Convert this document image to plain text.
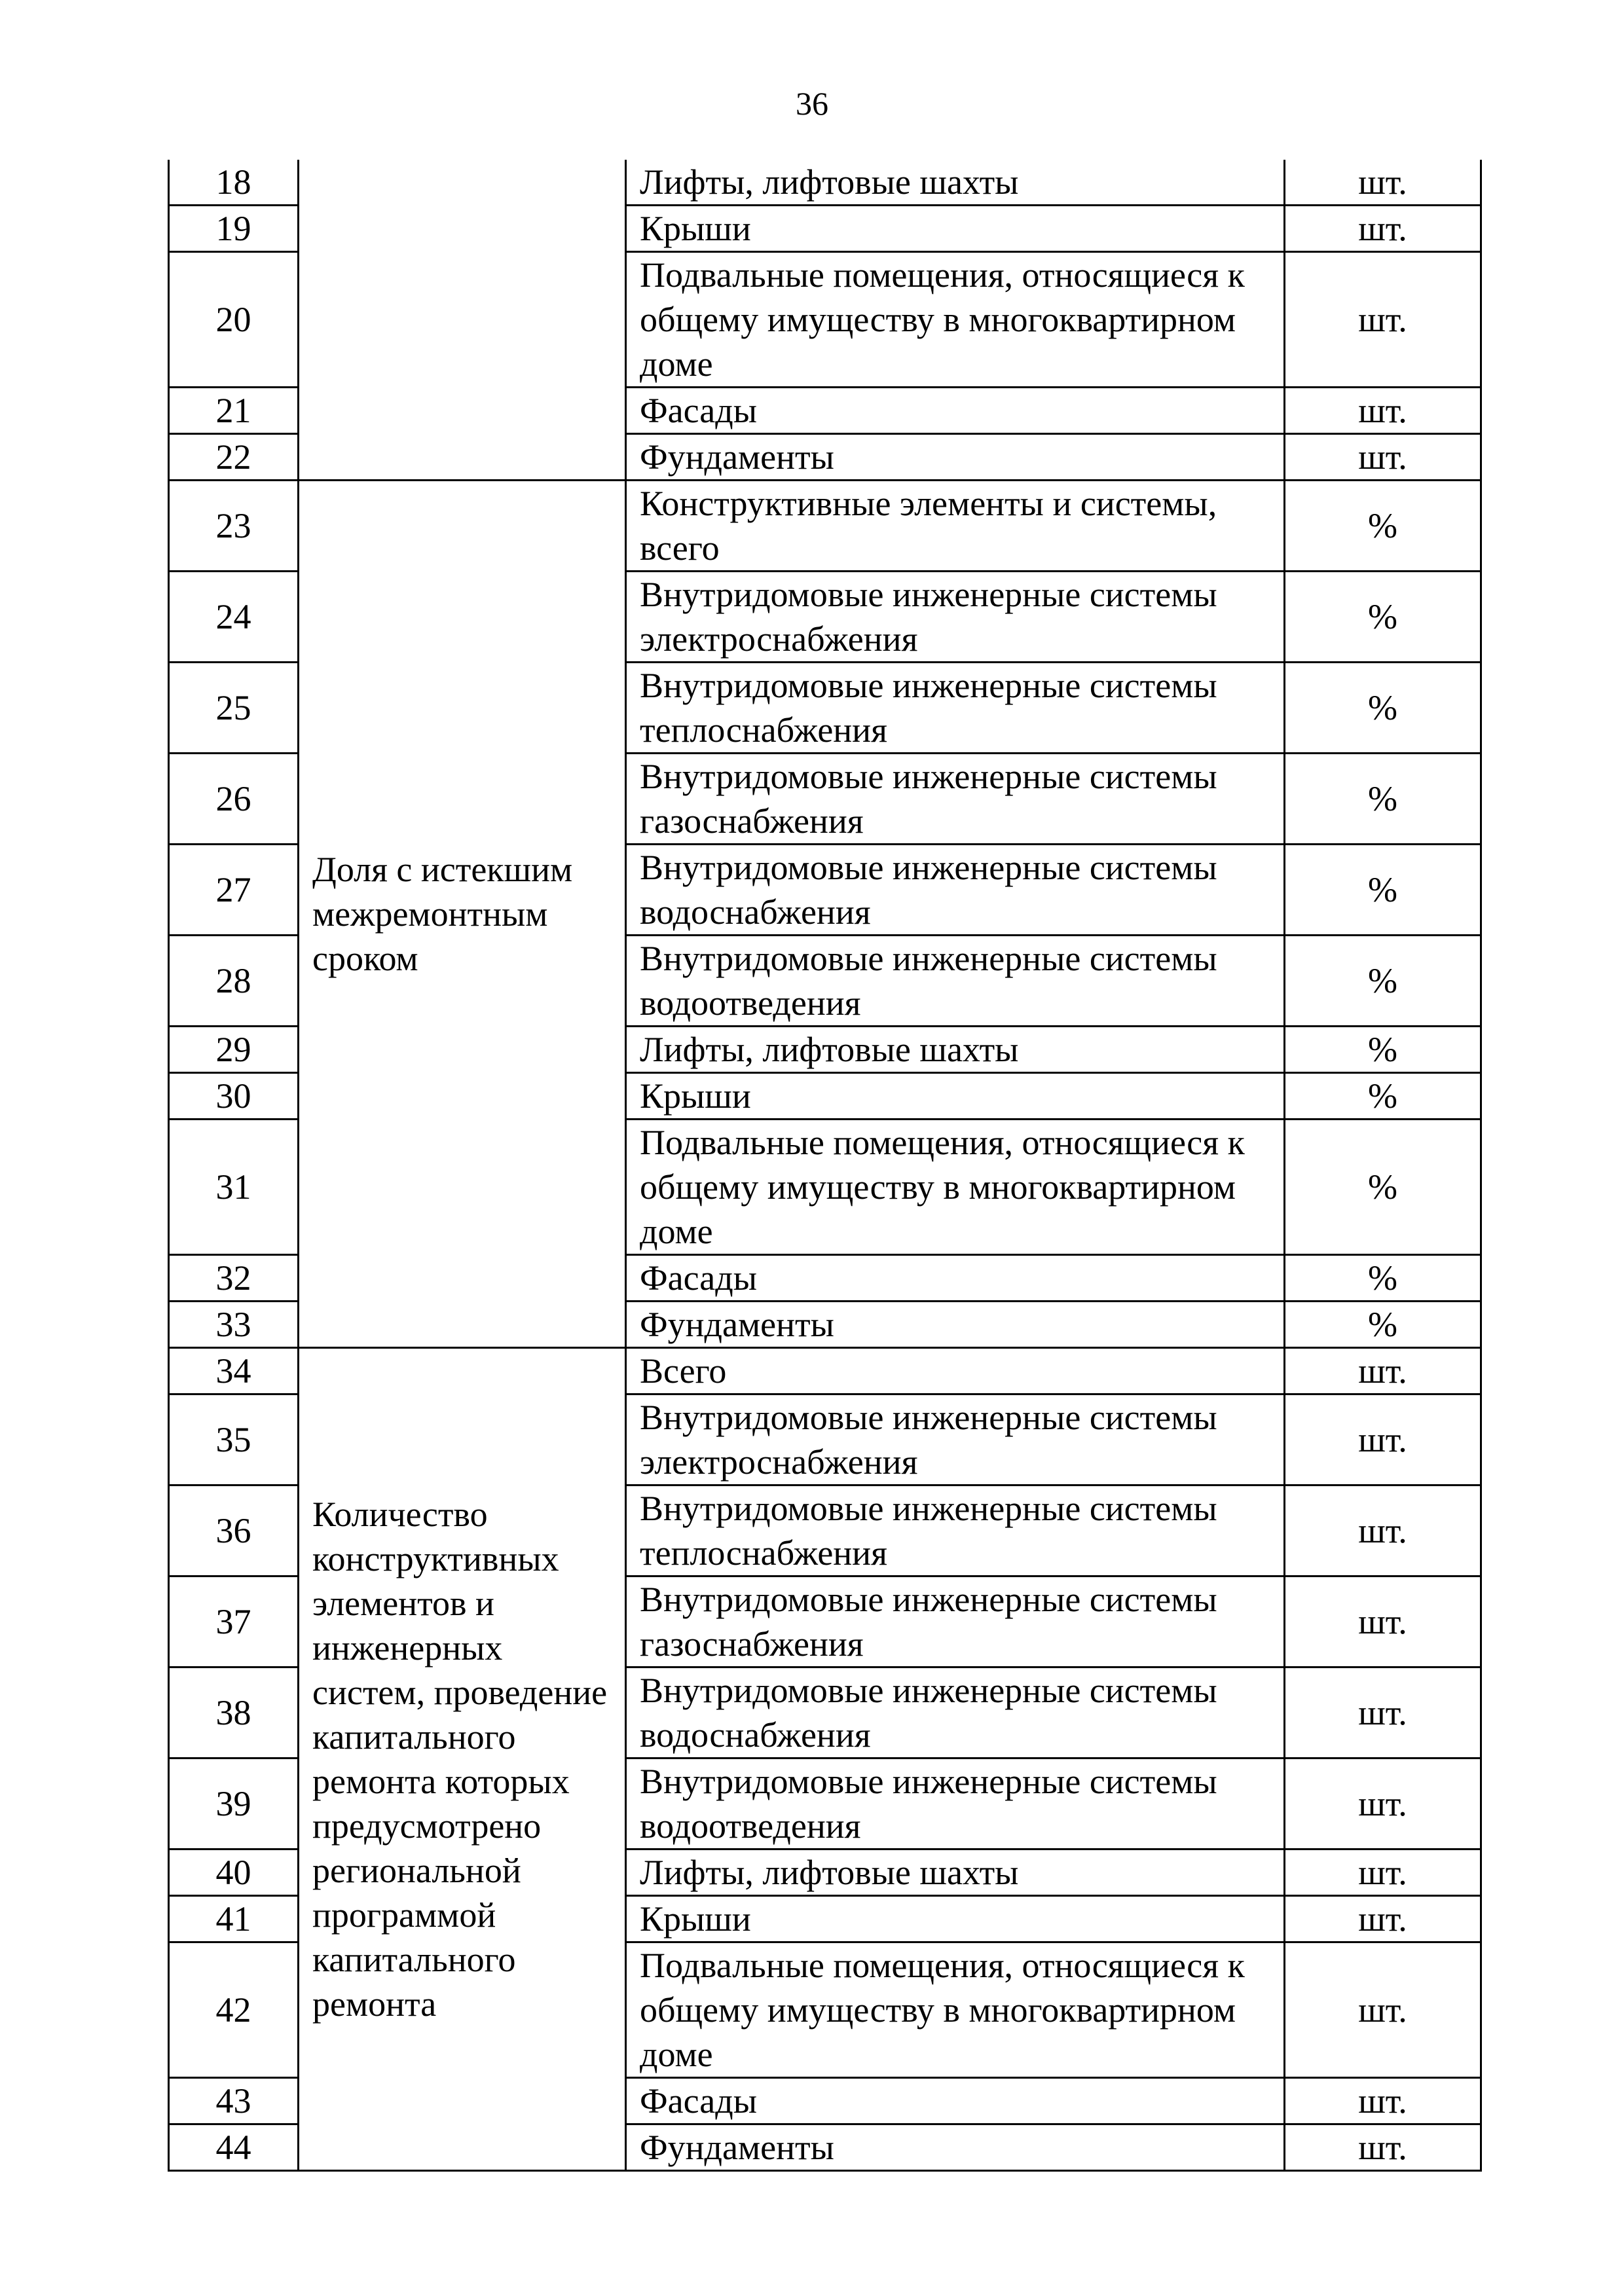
36
18		Лифты, лифтовые шахты	шт.
19		Крыши	шт.
20		Подвальные помещения, относящиеся к общему имуществу в многоквартирном доме	шт.
21		Фасады	шт.
22		Фундаменты	шт.
23	Доля с истекшим межремонтным сроком	Конструктивные элементы и системы, всего	%
24		Внутридомовые инженерные системы электроснабжения	%
25		Внутридомовые инженерные системы теплоснабжения	%
26		Внутридомовые инженерные системы газоснабжения	%
27		Внутридомовые инженерные системы водоснабжения	%
28		Внутридомовые инженерные системы водоотведения	%
29		Лифты, лифтовые шахты	%
30		Крыши	%
31		Подвальные помещения, относящиеся к общему имуществу в многоквартирном доме	%
32		Фасады	%
33		Фундаменты	%
34	Количество конструктивных элементов и инженерных систем, проведение капитального ремонта которых предусмотрено региональной программой капитального ремонта	Всего	шт.
35		Внутридомовые инженерные системы электроснабжения	шт.
36		Внутридомовые инженерные системы теплоснабжения	шт.
37		Внутридомовые инженерные системы газоснабжения	шт.
38		Внутридомовые инженерные системы водоснабжения	шт.
39		Внутридомовые инженерные системы водоотведения	шт.
40		Лифты, лифтовые шахты	шт.
41		Крыши	шт.
42		Подвальные помещения, относящиеся к общему имуществу в многоквартирном доме	шт.
43		Фасады	шт.
44		Фундаменты	шт.
